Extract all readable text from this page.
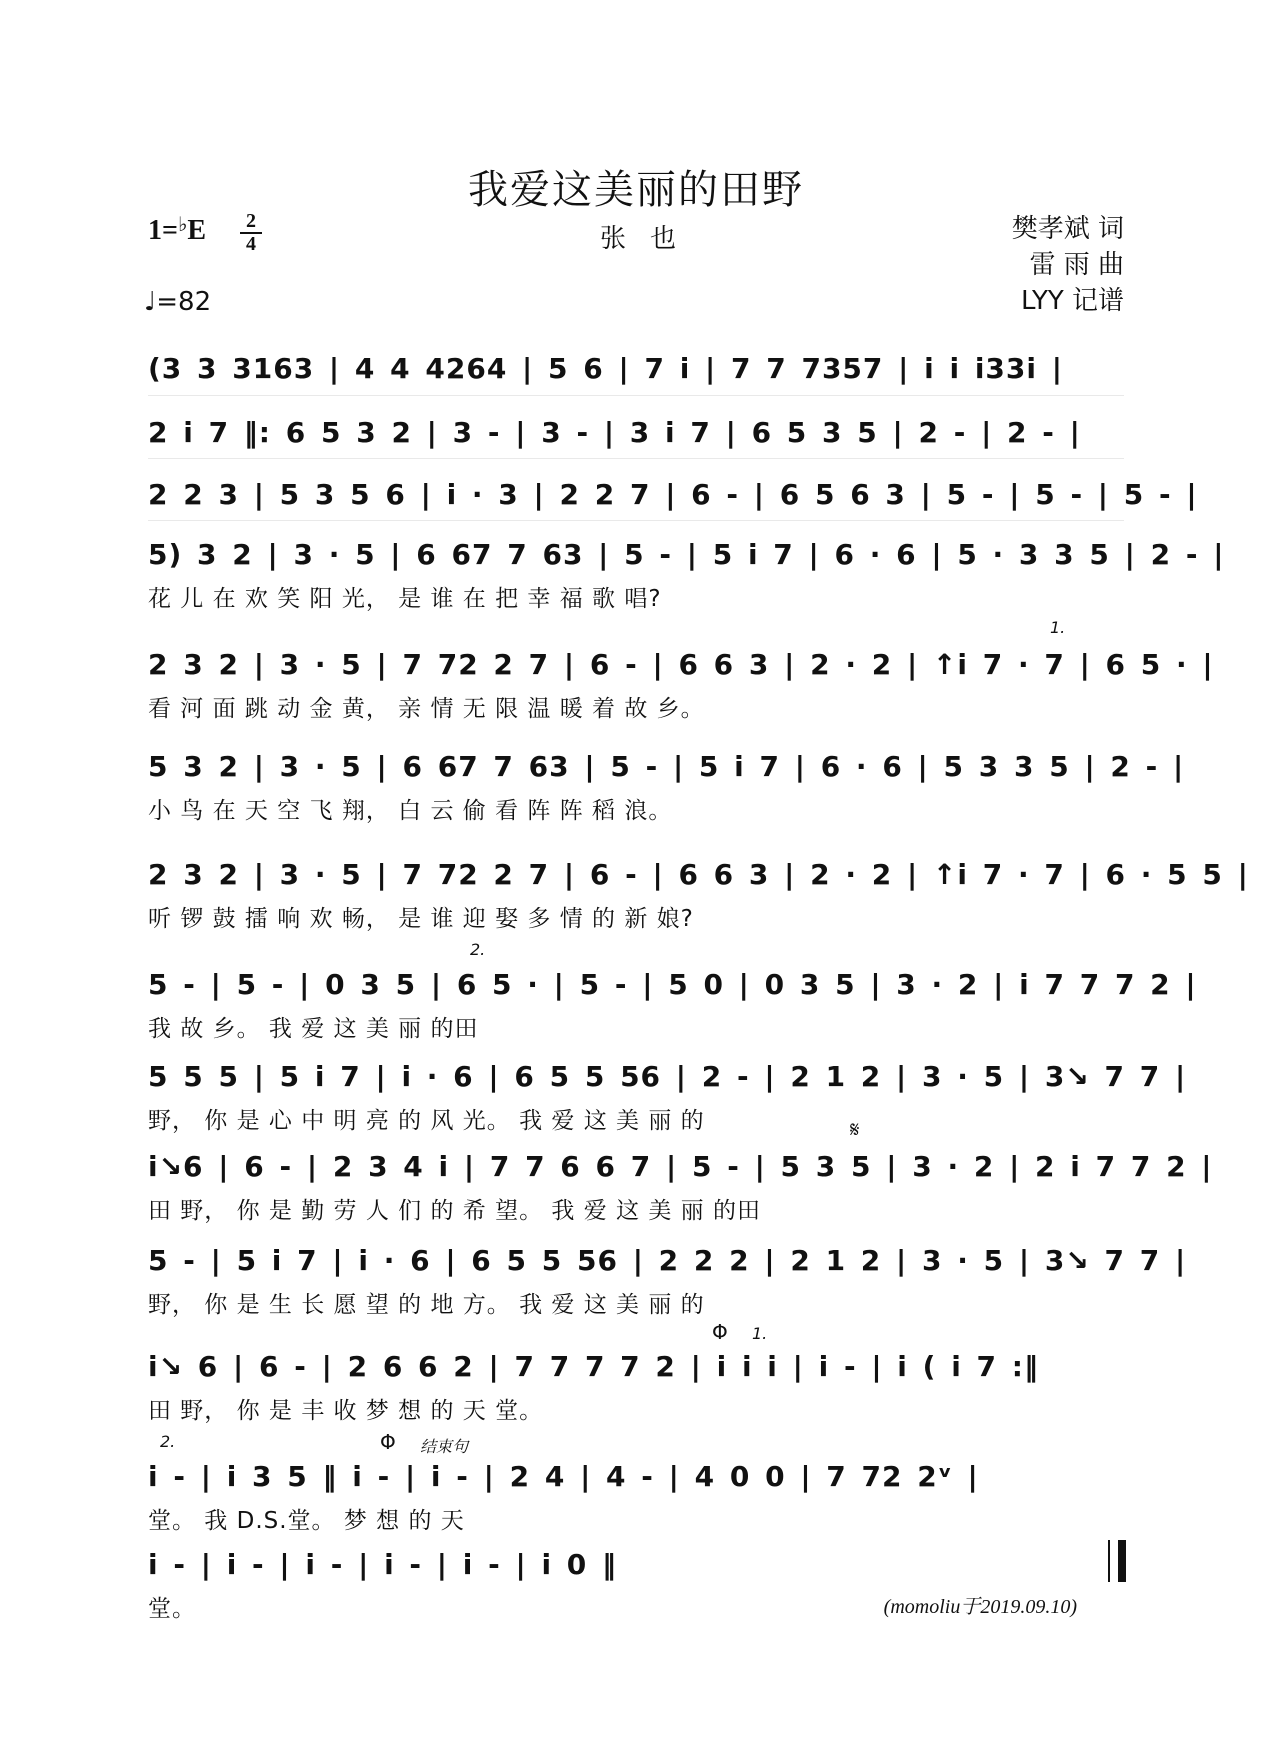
我爱这美丽的田野
1=♭E	2
4	张也	樊孝斌 词
雷 雨 曲
LYY 记谱
♩=82
(3 3 3163 | 4 4 4264 | 5 6 | 7 i | 7 7 7357 | i i i33i |
2 i 7 ‖: 6 5 3 2 | 3 - | 3 - | 3 i 7 | 6 5 3 5 | 2 - | 2 - |
2 2 3 | 5 3 5 6 | i · 3 | 2 2 7 | 6 - | 6 5 6 3 | 5 - | 5 - | 5 - |
5) 3 2 | 3 · 5 | 6 67 7 63 | 5 - | 5 i 7 | 6 · 6 | 5 · 3 3 5 | 2 - |
花 儿 在 欢 笑 阳 光， 是 谁 在 把 幸 福 歌 唱?
1.
2 3 2 | 3 · 5 | 7 72 2 7 | 6 - | 6 6 3 | 2 · 2 | ↑i 7 · 7 | 6 5 · |
看 河 面 跳 动 金 黄， 亲 情 无 限 温 暖 着 故 乡。
5 3 2 | 3 · 5 | 6 67 7 63 | 5 - | 5 i 7 | 6 · 6 | 5 3 3 5 | 2 - |
小 鸟 在 天 空 飞 翔， 白 云 偷 看 阵 阵 稻 浪。
2 3 2 | 3 · 5 | 7 72 2 7 | 6 - | 6 6 3 | 2 · 2 | ↑i 7 · 7 | 6 · 5 5 |
听 锣 鼓 擂 响 欢 畅， 是 谁 迎 娶 多 情 的 新 娘?
2.
5 - | 5 - | 0 3 5 | 6 5 · | 5 - | 5 0 | 0 3 5 | 3 · 2 | i 7 7 7 2 |
我 故 乡。 我 爱 这 美 丽 的田
5 5 5 | 5 i 7 | i · 6 | 6 5 5 56 | 2 - | 2 1 2 | 3 · 5 | 3↘ 7 7 |
野， 你 是 心 中 明 亮 的 风 光。 我 爱 这 美 丽 的	𝄋
i↘6 | 6 - | 2 3 4 i | 7 7 6 6 7 | 5 - | 5 3 5 | 3 · 2 | 2 i 7 7 2 |
田 野， 你 是 勤 劳 人 们 的 希 望。 我 爱 这 美 丽 的田
5 - | 5 i 7 | i · 6 | 6 5 5 56 | 2 2 2 | 2 1 2 | 3 · 5 | 3↘ 7 7 |
野， 你 是 生 长 愿 望 的 地 方。 我 爱 这 美 丽 的
Φ 1.
i↘ 6 | 6 - | 2 6 6 2 | 7 7 7 7 2 | i i i | i - | i ( i 7 :‖
田 野， 你 是 丰 收 梦 想 的 天 堂。
2.	Φ 结束句
i - | i 3 5 ‖ i - | i - | 2 4 | 4 - | 4 0 0 | 7 72 2ᵛ |
堂。 我 D.S.堂。 梦 想 的 天
i - | i - | i - | i - | i - | i 0 ‖
堂。	(momoliu于2019.09.10)
